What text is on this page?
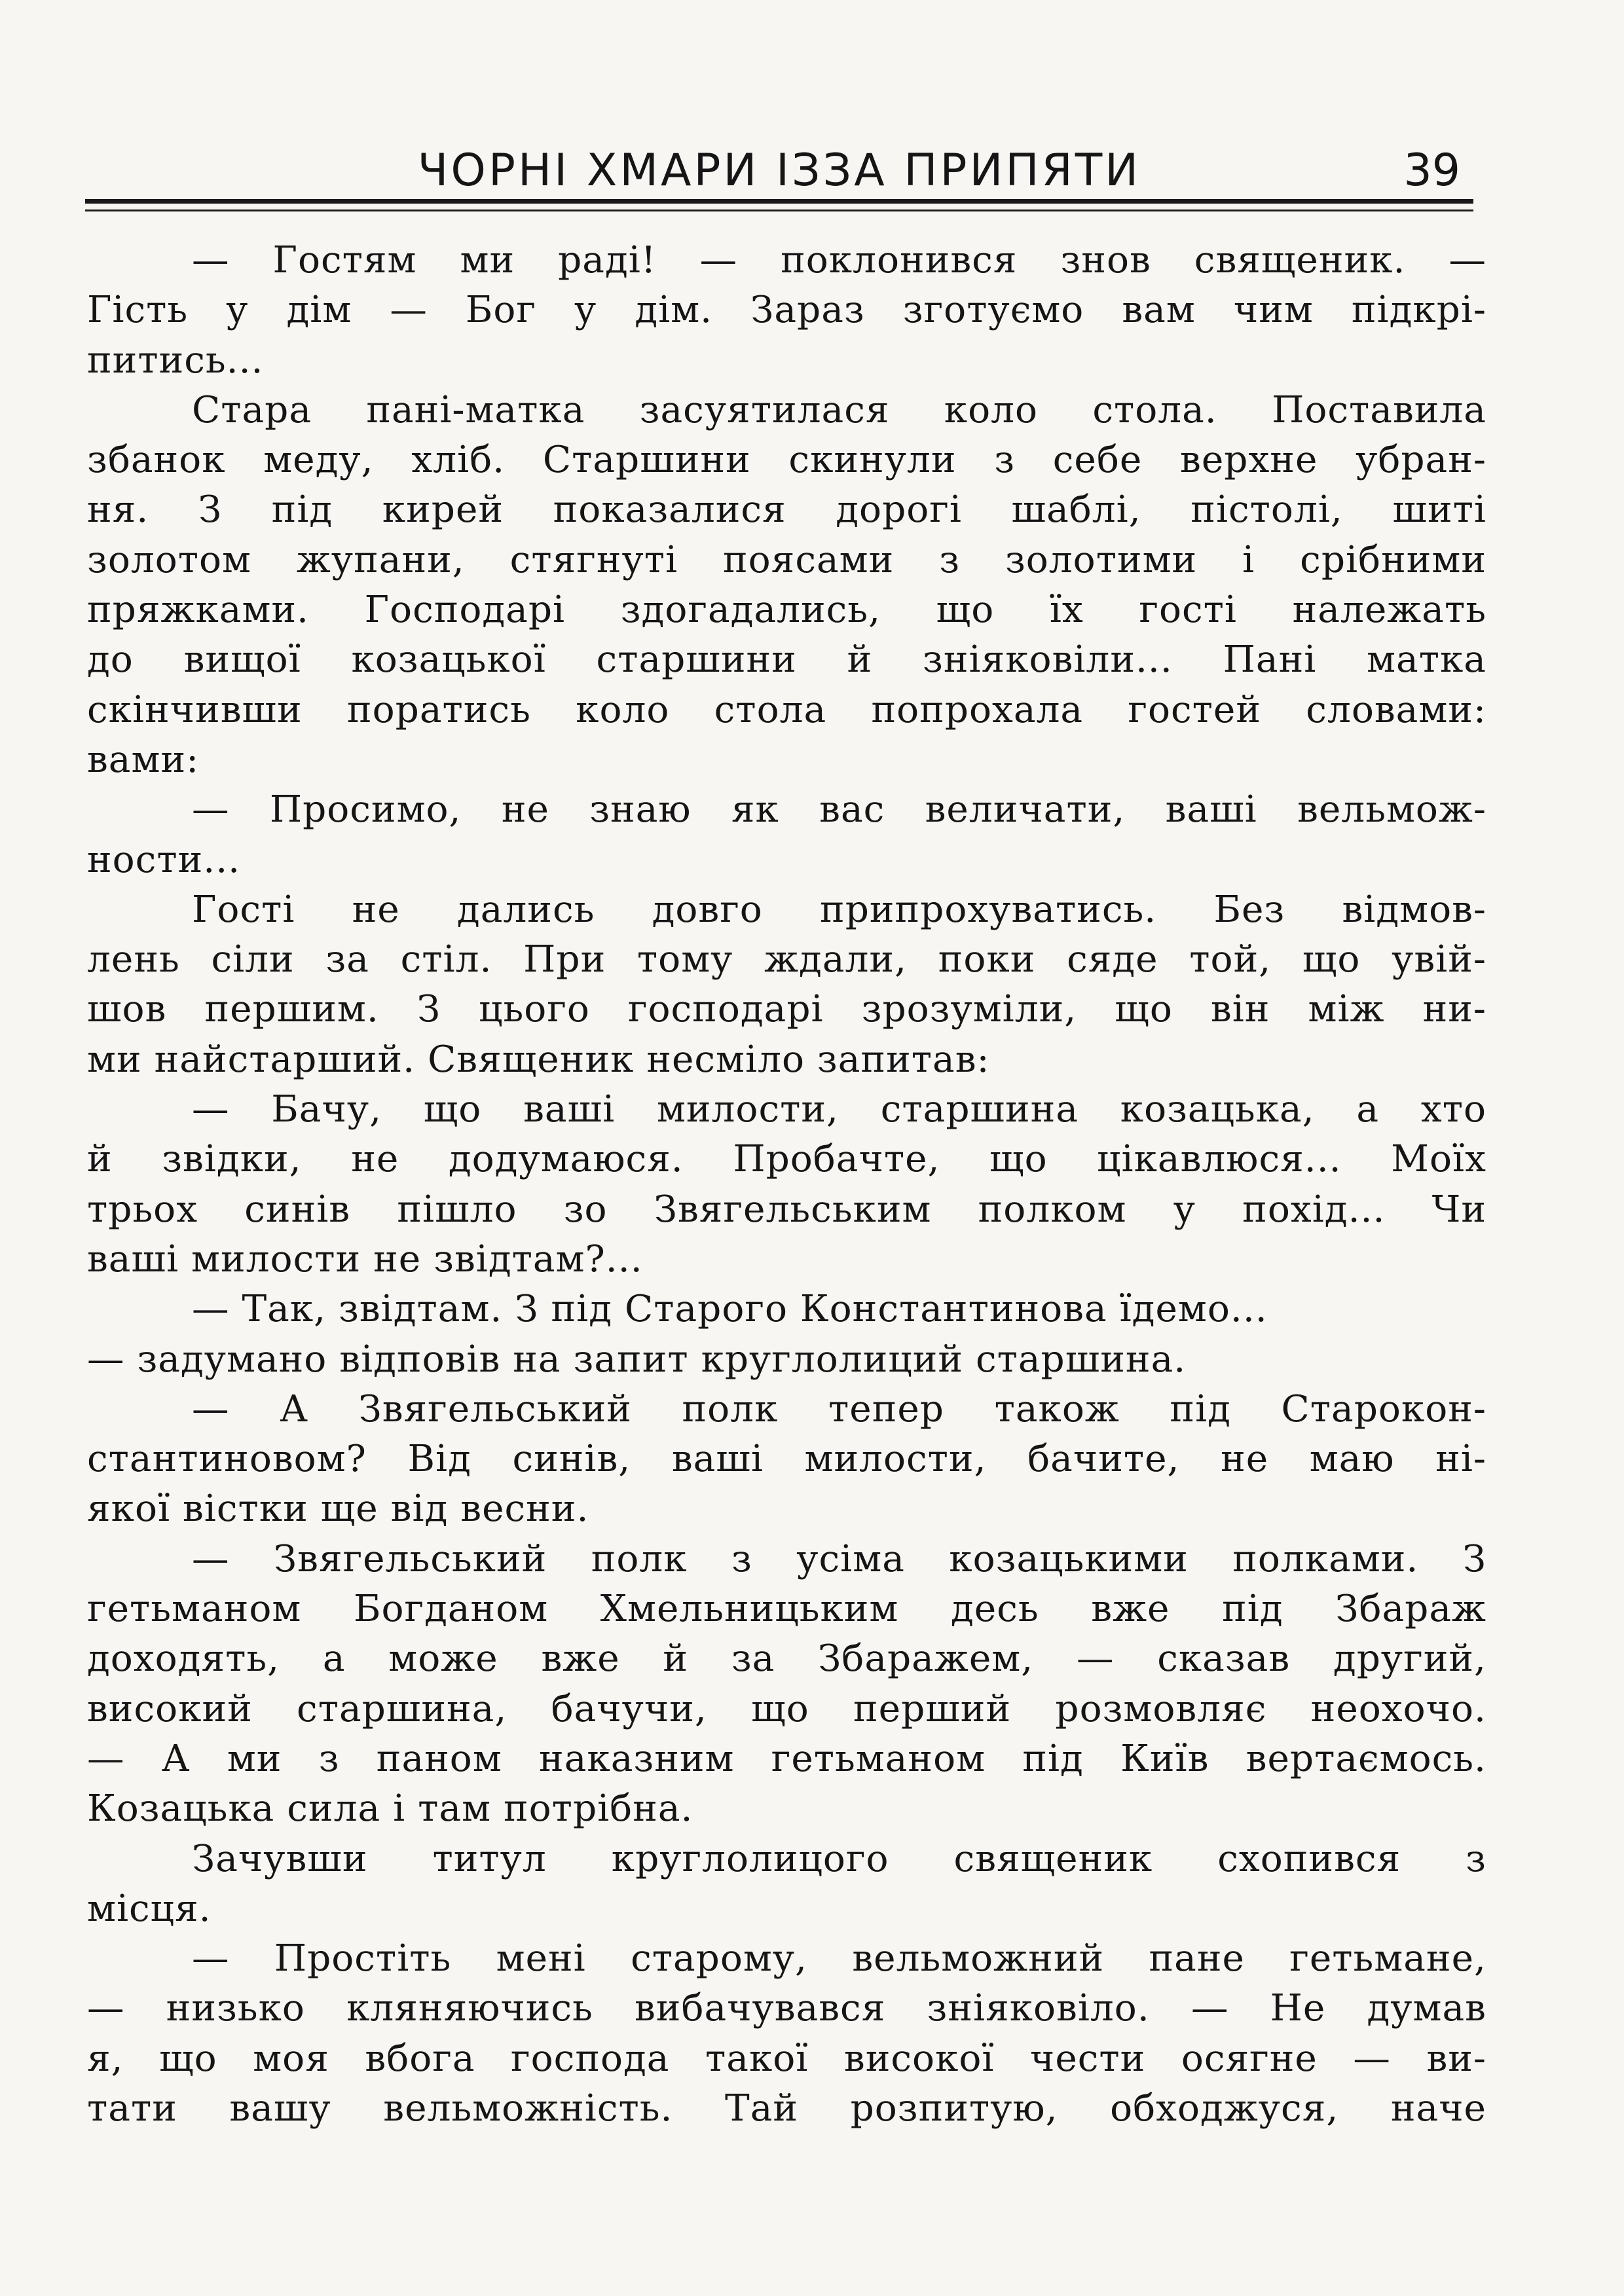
ЧОРНІ ХМАРИ ІЗЗА ПРИПЯТИ	39
— Гостям ми раді! — поклонився знов священик. —
Гість у дім — Бог у дім. Зараз зготуємо вам чим підкрі-
питись...
Стара пані-матка засуятилася коло стола. Поставила
збанок меду, хліб. Старшини скинули з себе верхне убран-
ня. З під кирей показалися дорогі шаблі, пістолі, шиті
золотом жупани, стягнуті поясами з золотими і срібними
пряжками. Господарі здогадались, що їх гості належать
до вищої козацької старшини й зніяковіли... Пані матка
скінчивши поратись коло стола попрохала гостей словами:
вами:
— Просимо, не знаю як вас величати, ваші вельмож-
ности...
Гості не дались довго припрохуватись. Без відмов-
лень сіли за стіл. При тому ждали, поки сяде той, що увій-
шов першим. З цього господарі зрозуміли, що він між ни-
ми найстарший. Священик несміло запитав:
— Бачу, що ваші милости, старшина козацька, а хто
й звідки, не додумаюся. Пробачте, що цікавлюся... Моїх
трьох синів пішло зо Звягельським полком у похід... Чи
ваші милости не звідтам?...
— Так, звідтам. З під Старого Константинова їдемо...
— задумано відповів на запит круглолиций старшина.
— А Звягельський полк тепер також під Старокон-
стантиновом? Від синів, ваші милости, бачите, не маю ні-
якої вістки ще від весни.
— Звягельський полк з усіма козацькими полками. З
гетьманом Богданом Хмельницьким десь вже під Збараж
доходять, а може вже й за Збаражем, — сказав другий,
високий старшина, бачучи, що перший розмовляє неохочо.
— А ми з паном наказним гетьманом під Київ вертаємось.
Козацька сила і там потрібна.
Зачувши титул круглолицого священик схопився з
місця.
— Простіть мені старому, вельможний пане гетьмане,
— низько кляняючись вибачувався зніяковіло. — Не думав
я, що моя вбога господа такої високої чести осягне — ви-
тати вашу вельможність. Тай розпитую, обходжуся, наче
